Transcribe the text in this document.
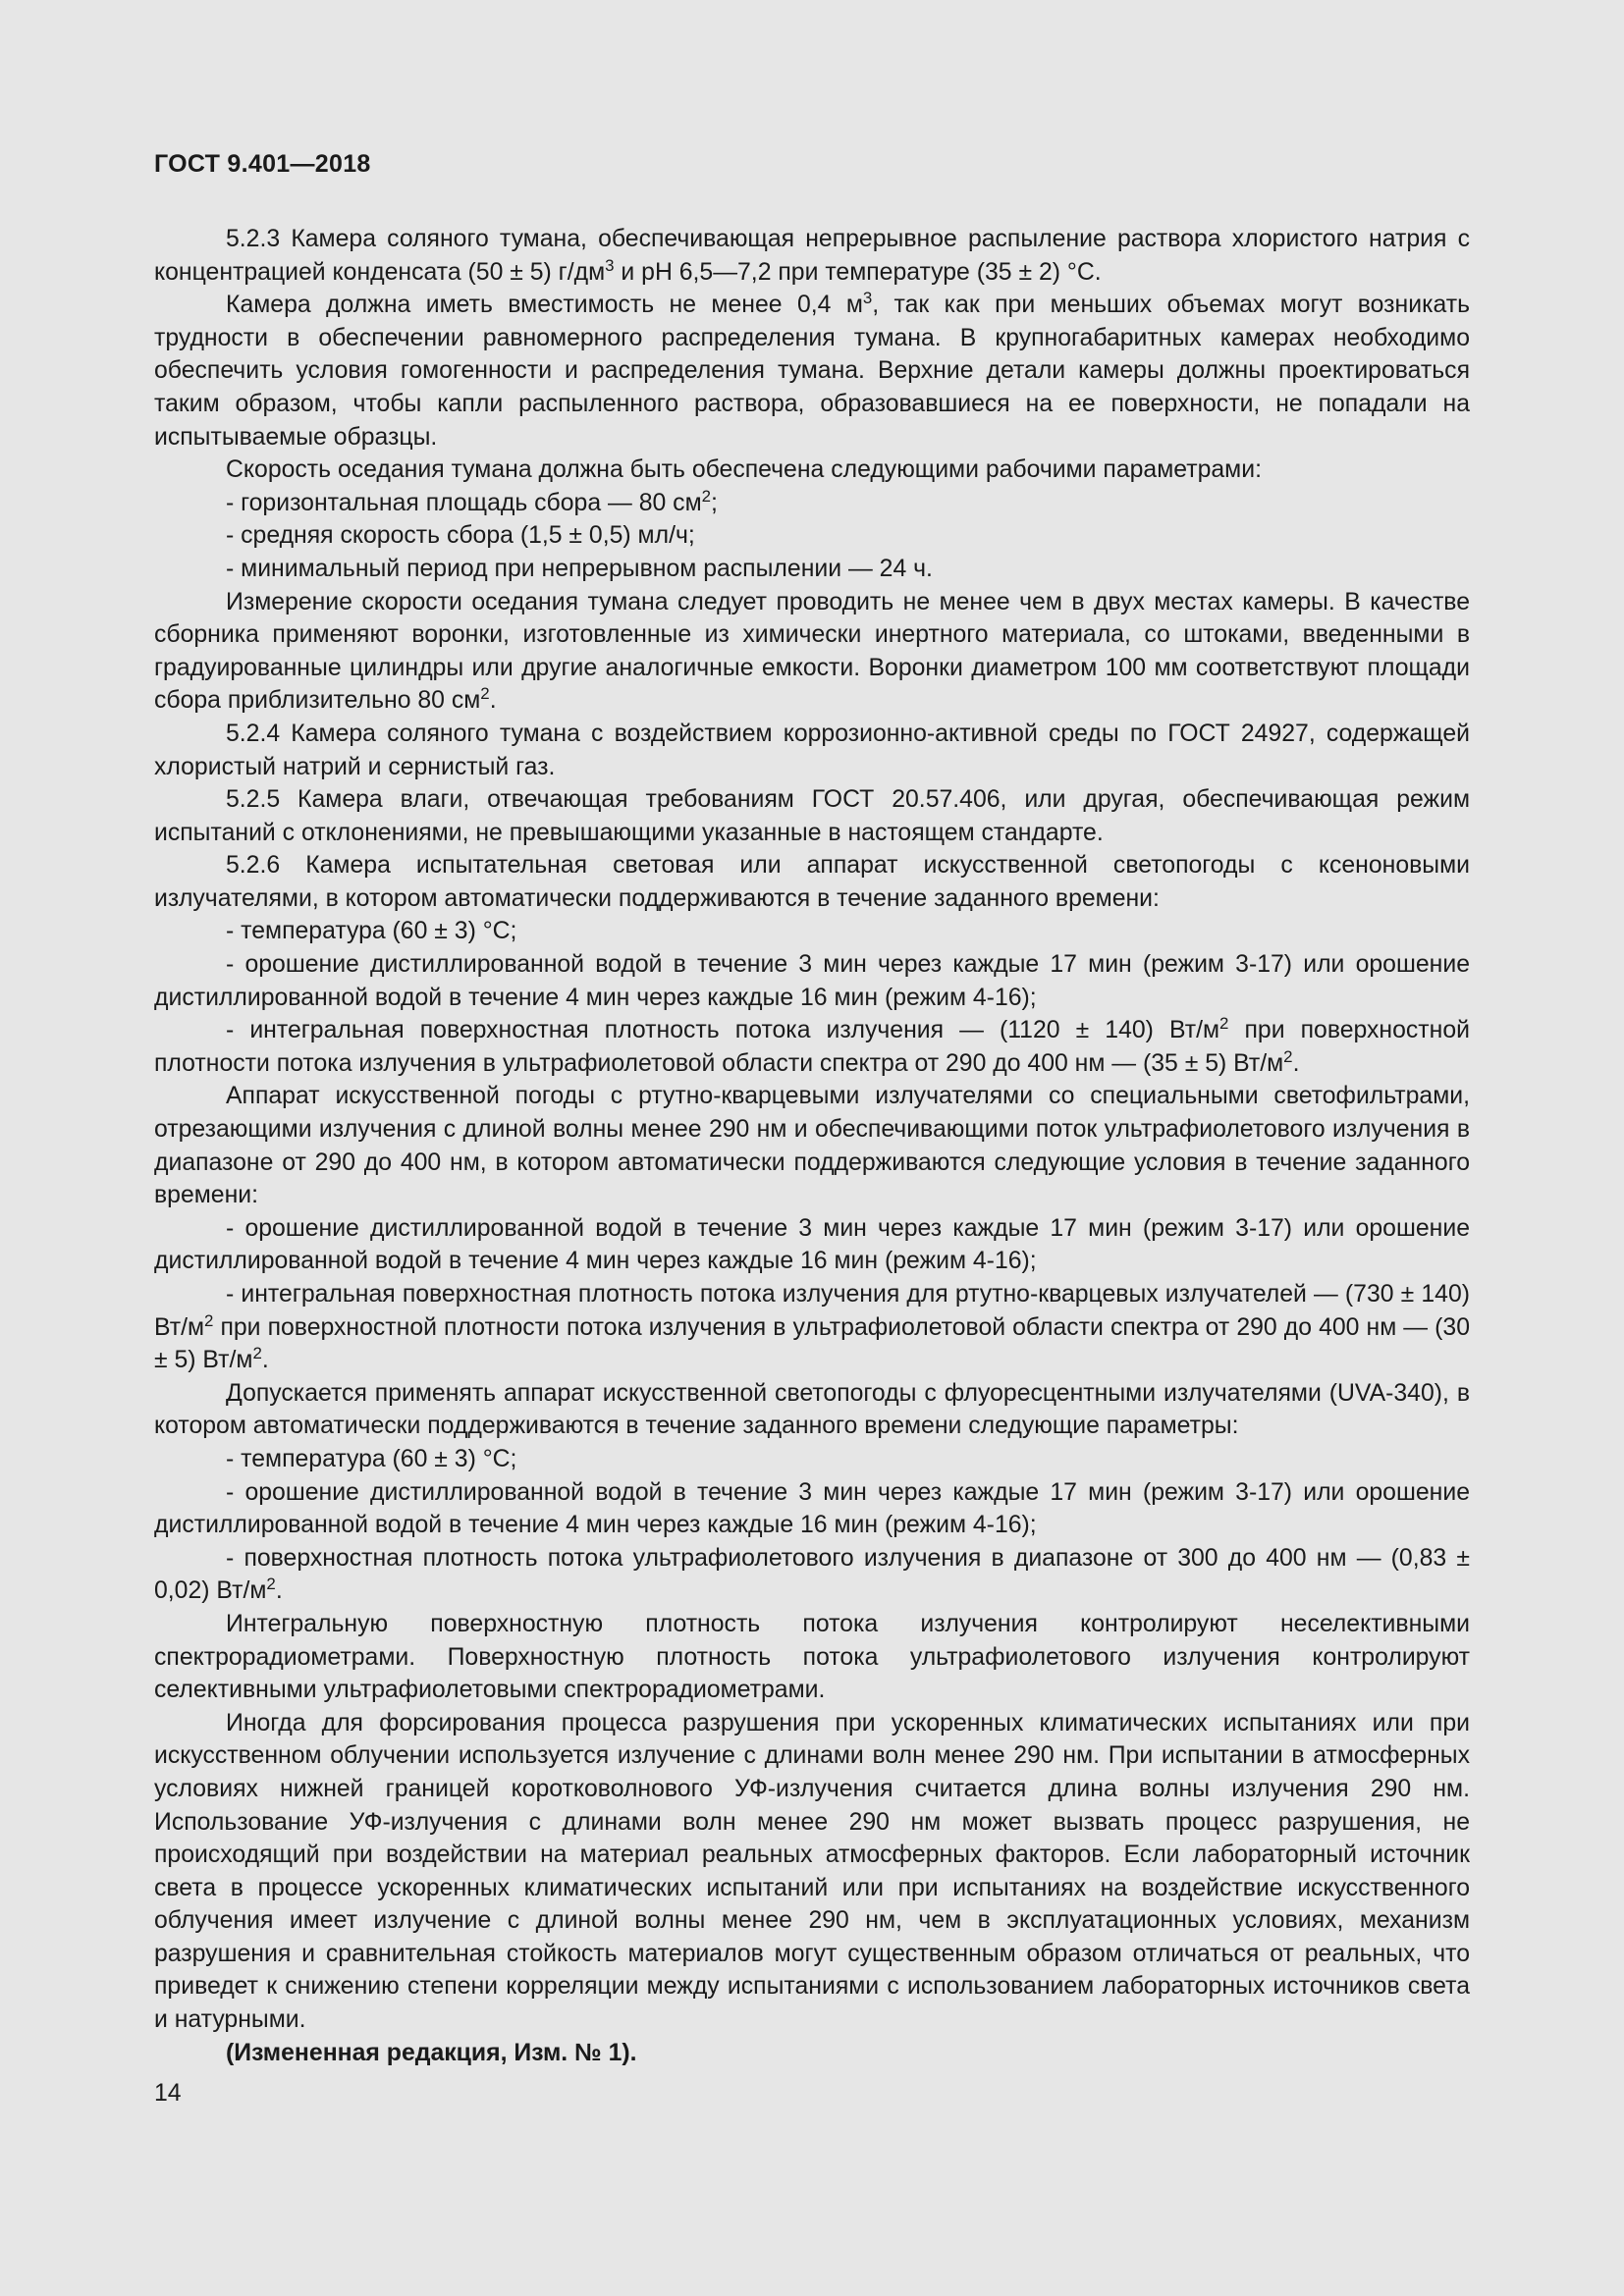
ГОСТ 9.401—2018

5.2.3 Камера соляного тумана, обеспечивающая непрерывное распыление раствора хлористого натрия с концентрацией конденсата (50 ± 5) $г/дм^3$ и pH 6,5—7,2 при температуре (35 ± 2) °С.

Камера должна иметь вместимость не менее 0,4 $м^3$, так как при меньших объемах могут возникать трудности в обеспечении равномерного распределения тумана. В крупногабаритных камерах необходимо обеспечить условия гомогенности и распределения тумана. Верхние детали камеры должны проектироваться таким образом, чтобы капли распыленного раствора, образовавшиеся на ее поверхности, не попадали на испытываемые образцы.

Скорость оседания тумана должна быть обеспечена следующими рабочими параметрами:

- горизонтальная площадь сбора — 80 $см^2$;

- средняя скорость сбора (1,5 ± 0,5) мл/ч;

- минимальный период при непрерывном распылении — 24 ч.

Измерение скорости оседания тумана следует проводить не менее чем в двух местах камеры. В качестве сборника применяют воронки, изготовленные из химически инертного материала, со штоками, введенными в градуированные цилиндры или другие аналогичные емкости. Воронки диаметром 100 мм соответствуют площади сбора приблизительно 80 $см^2$.

5.2.4 Камера соляного тумана с воздействием коррозионно-активной среды по ГОСТ 24927, содержащей хлористый натрий и сернистый газ.

5.2.5 Камера влаги, отвечающая требованиям ГОСТ 20.57.406, или другая, обеспечивающая режим испытаний с отклонениями, не превышающими указанные в настоящем стандарте.

5.2.6 Камера испытательная световая или аппарат искусственной светопогоды с ксеноновыми излучателями, в котором автоматически поддерживаются в течение заданного времени:

- температура (60 ± 3) °С;

- орошение дистиллированной водой в течение 3 мин через каждые 17 мин (режим 3-17) или орошение дистиллированной водой в течение 4 мин через каждые 16 мин (режим 4-16);

- интегральная поверхностная плотность потока излучения — (1120 ± 140) $Вт/м^2$ при поверхностной плотности потока излучения в ультрафиолетовой области спектра от 290 до 400 нм — (35 ± 5) $Вт/м^2$.

Аппарат искусственной погоды с ртутно-кварцевыми излучателями со специальными светофильтрами, отрезающими излучения с длиной волны менее 290 нм и обеспечивающими поток ультрафиолетового излучения в диапазоне от 290 до 400 нм, в котором автоматически поддерживаются следующие условия в течение заданного времени:

- орошение дистиллированной водой в течение 3 мин через каждые 17 мин (режим 3-17) или орошение дистиллированной водой в течение 4 мин через каждые 16 мин (режим 4-16);

- интегральная поверхностная плотность потока излучения для ртутно-кварцевых излучателей — (730 ± 140) $Вт/м^2$ при поверхностной плотности потока излучения в ультрафиолетовой области спектра от 290 до 400 нм — (30 ± 5) $Вт/м^2$.

Допускается применять аппарат искусственной светопогоды с флуоресцентными излучателями (UVA-340), в котором автоматически поддерживаются в течение заданного времени следующие параметры:

- температура (60 ± 3) °С;

- орошение дистиллированной водой в течение 3 мин через каждые 17 мин (режим 3-17) или орошение дистиллированной водой в течение 4 мин через каждые 16 мин (режим 4-16);

- поверхностная плотность потока ультрафиолетового излучения в диапазоне от 300 до 400 нм — (0,83 ± 0,02) $Вт/м^2$.

Интегральную поверхностную плотность потока излучения контролируют неселективными спектрорадиометрами. Поверхностную плотность потока ультрафиолетового излучения контролируют селективными ультрафиолетовыми спектрорадиометрами.

Иногда для форсирования процесса разрушения при ускоренных климатических испытаниях или при искусственном облучении используется излучение с длинами волн менее 290 нм. При испытании в атмосферных условиях нижней границей коротковолнового УФ-излучения считается длина волны излучения 290 нм. Использование УФ-излучения с длинами волн менее 290 нм может вызвать процесс разрушения, не происходящий при воздействии на материал реальных атмосферных факторов. Если лабораторный источник света в процессе ускоренных климатических испытаний или при испытаниях на воздействие искусственного облучения имеет излучение с длиной волны менее 290 нм, чем в эксплуатационных условиях, механизм разрушения и сравнительная стойкость материалов могут существенным образом отличаться от реальных, что приведет к снижению степени корреляции между испытаниями с использованием лабораторных источников света и натурными.

(Измененная редакция, Изм. № 1).

14
